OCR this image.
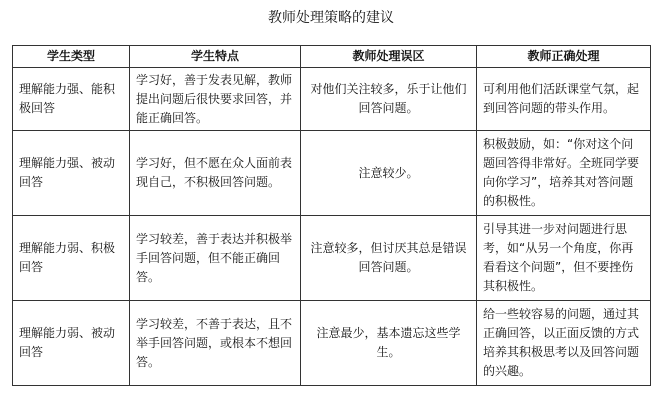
教师处理策略的建议
学生类型	学生特点	教师处理误区	教师正确处理
理解能力强、能积极回答	学习好，善于发表见解，教师提出问题后很快要求回答，并能正确回答。	对他们关注较多，乐于让他们回答问题。	可利用他们活跃课堂气氛，起到回答问题的带头作用。
理解能力强、被动回答	学习好，但不愿在众人面前表现自己，不积极回答问题。	注意较少。	积极鼓励，如：“你对这个问题回答得非常好。全班同学要向你学习”，培养其对答问题的积极性。
理解能力弱、积极回答	学习较差，善于表达并积极举手回答问题，但不能正确回答。	注意较多，但讨厌其总是错误回答问题。	引导其进一步对问题进行思考，如“从另一个角度，你再看看这个问题”，但不要挫伤其积极性。
理解能力弱、被动回答	学习较差，不善于表达，且不举手回答问题，或根本不想回答。	注意最少，基本遗忘这些学生。	给一些较容易的问题，通过其正确回答，以正面反馈的方式培养其积极思考以及回答问题的兴趣。
